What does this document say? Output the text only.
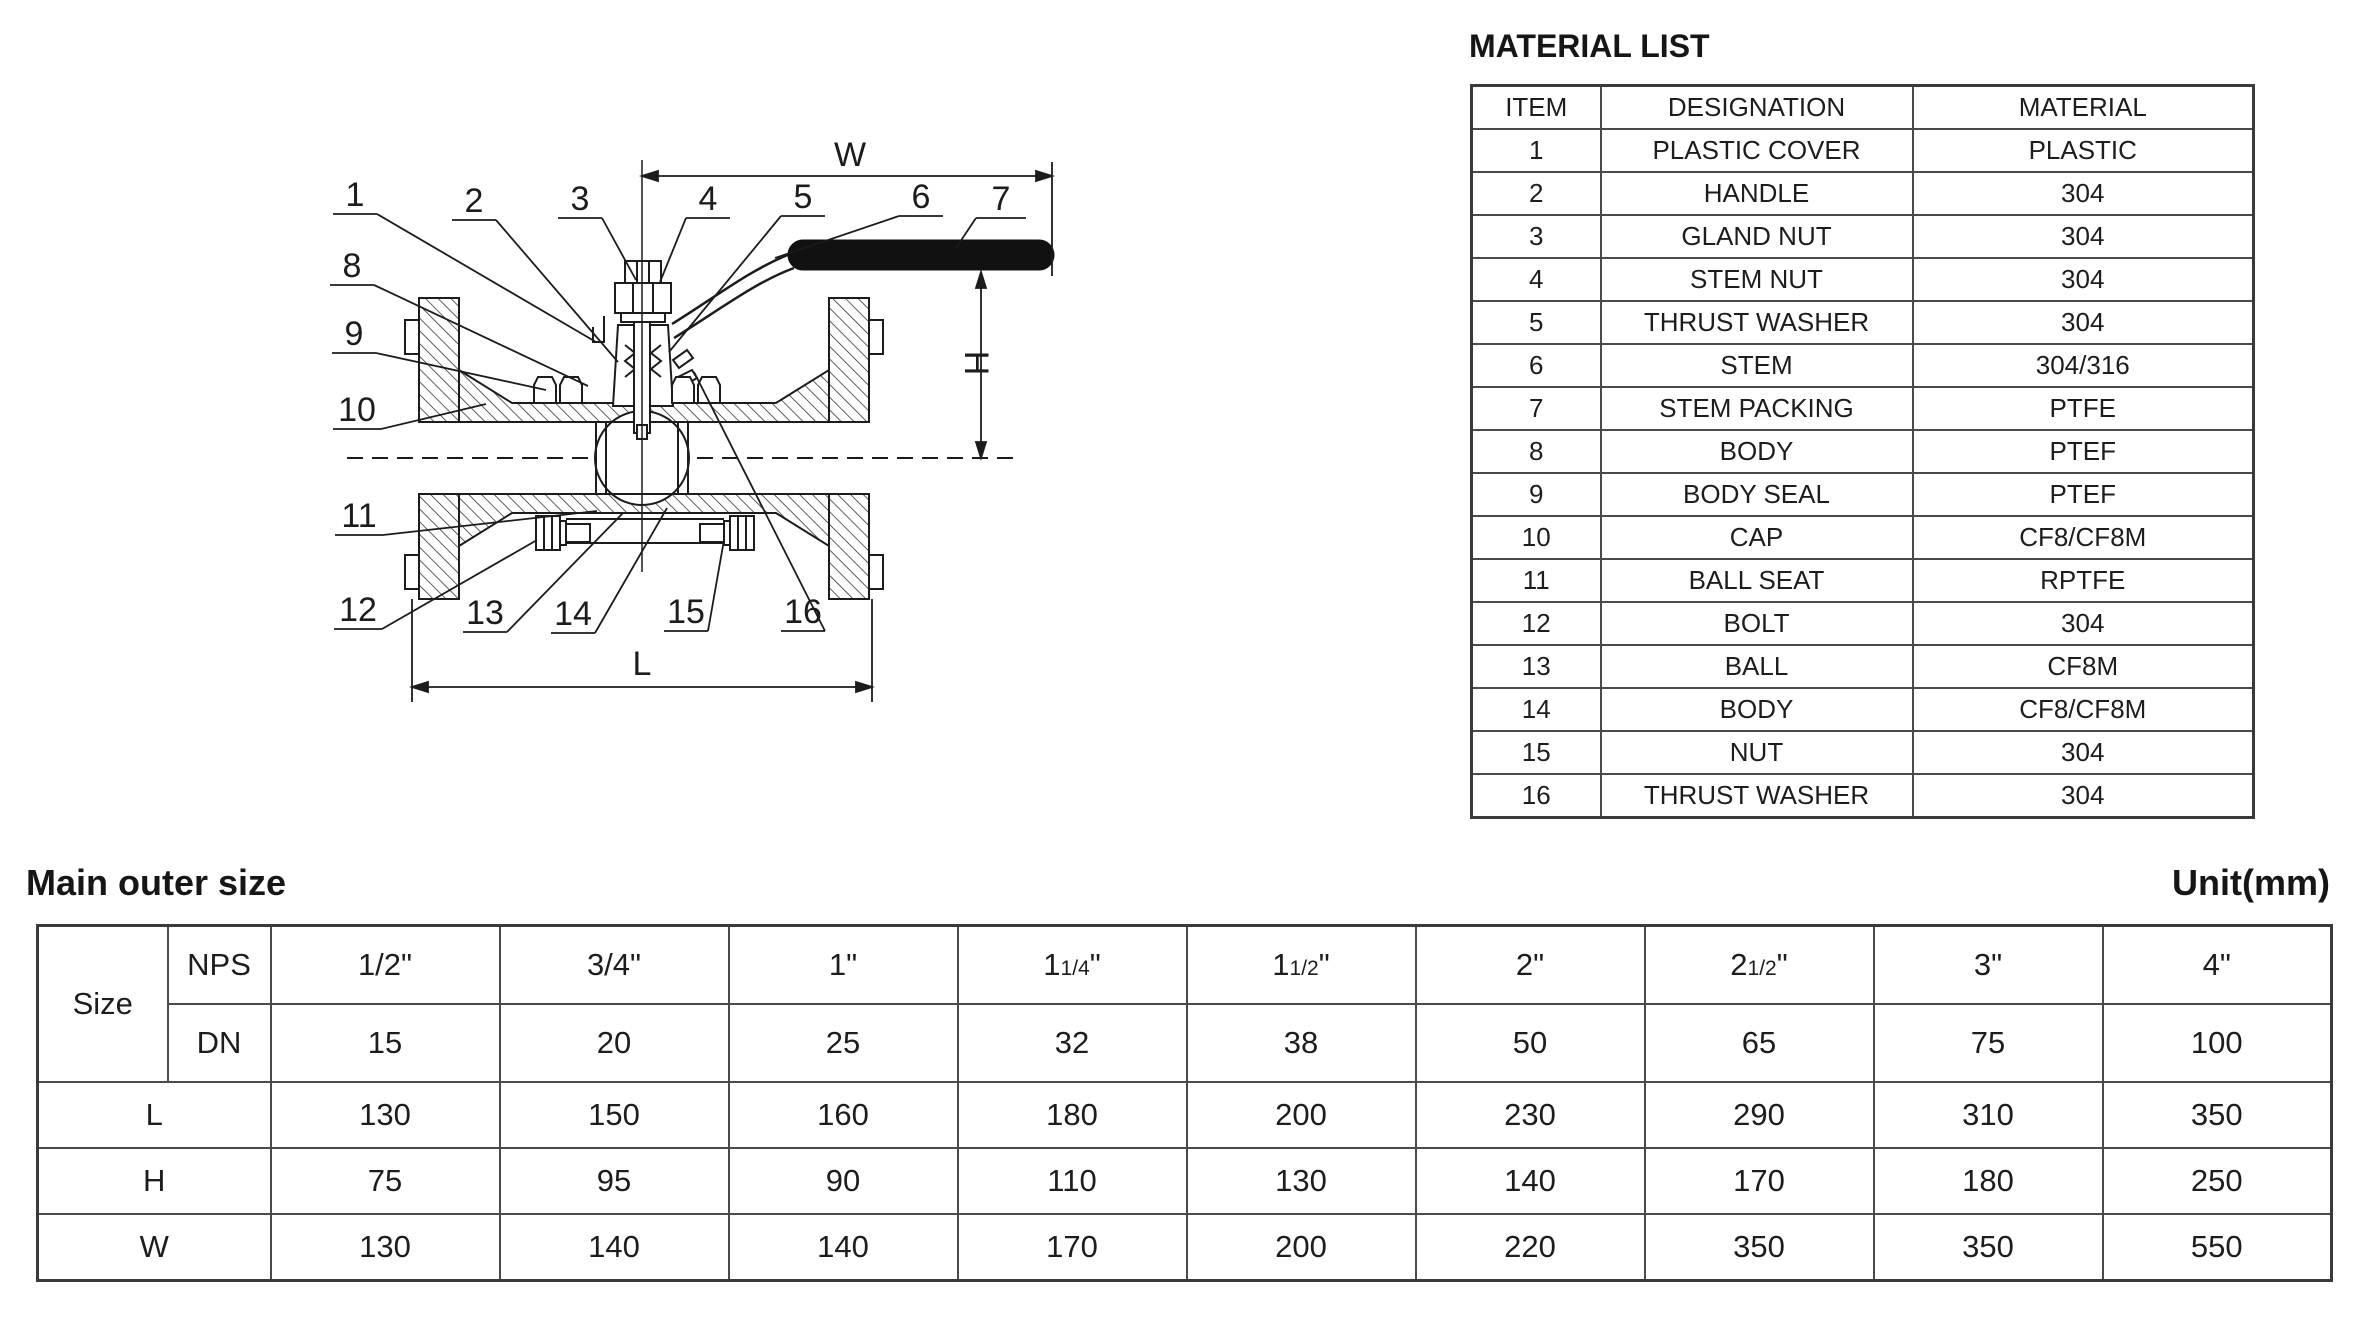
W
H
L
1	2	3	4 5	6 7
8
9
10
11
12	13 14 15 16
MATERIAL LIST
ITEM	DESIGNATION	MATERIAL
1	PLASTIC COVER	PLASTIC
2	HANDLE	304
3	GLAND NUT	304
4	STEM NUT	304
5	THRUST WASHER	304
6	STEM	304/316
7	STEM PACKING	PTFE
8	BODY	PTEF
9	BODY SEAL	PTEF
10	CAP	CF8/CF8M
11	BALL SEAT	RPTFE
12	BOLT	304
13	BALL	CF8M
14	BODY	CF8/CF8M
15	NUT	304
16	THRUST WASHER	304
Main outer size	Unit(mm)
Size	NPS	1/2"	3/4"	1"	11/4"	11/2"	2"	21/2"	3"	4"
	DN	15	20	25	32	38	50	65	75	100
L		130	150	160	180	200	230	290	310	350
H		75	95	90	110	130	140	170	180	250
W		130	140	140	170	200	220	350	350	550
